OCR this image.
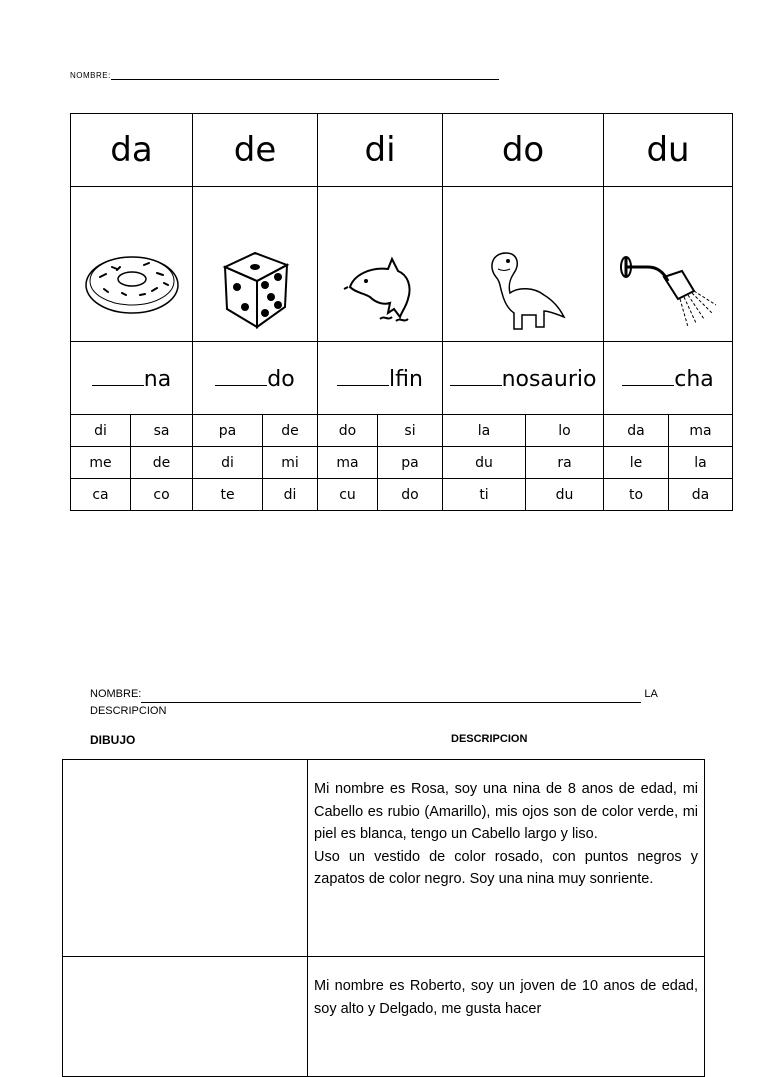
NOMBRE:
da		de		di		do		du	

na		do		lfin		nosaurio		cha	
di	sa	pa	de	do	si	la	lo	da	ma
me	de	di	mi	ma	pa	du	ra	le	la
ca	co	te	di	cu	do	ti	du	to	da
NOMBRE:	LA
DESCRIPCION
DIBUJO	DESCRIPCION

	Mi nombre es Rosa, soy una nina de 8 anos de edad, mi Cabello es rubio (Amarillo), mis ojos son de color verde, mi piel es blanca, tengo un Cabello largo y liso.
Uso un vestido de color rosado, con puntos negros y zapatos de color negro. Soy una nina muy sonriente.

	Mi nombre es Roberto, soy un joven de 10 anos de edad, soy alto y Delgado, me gusta hacer
